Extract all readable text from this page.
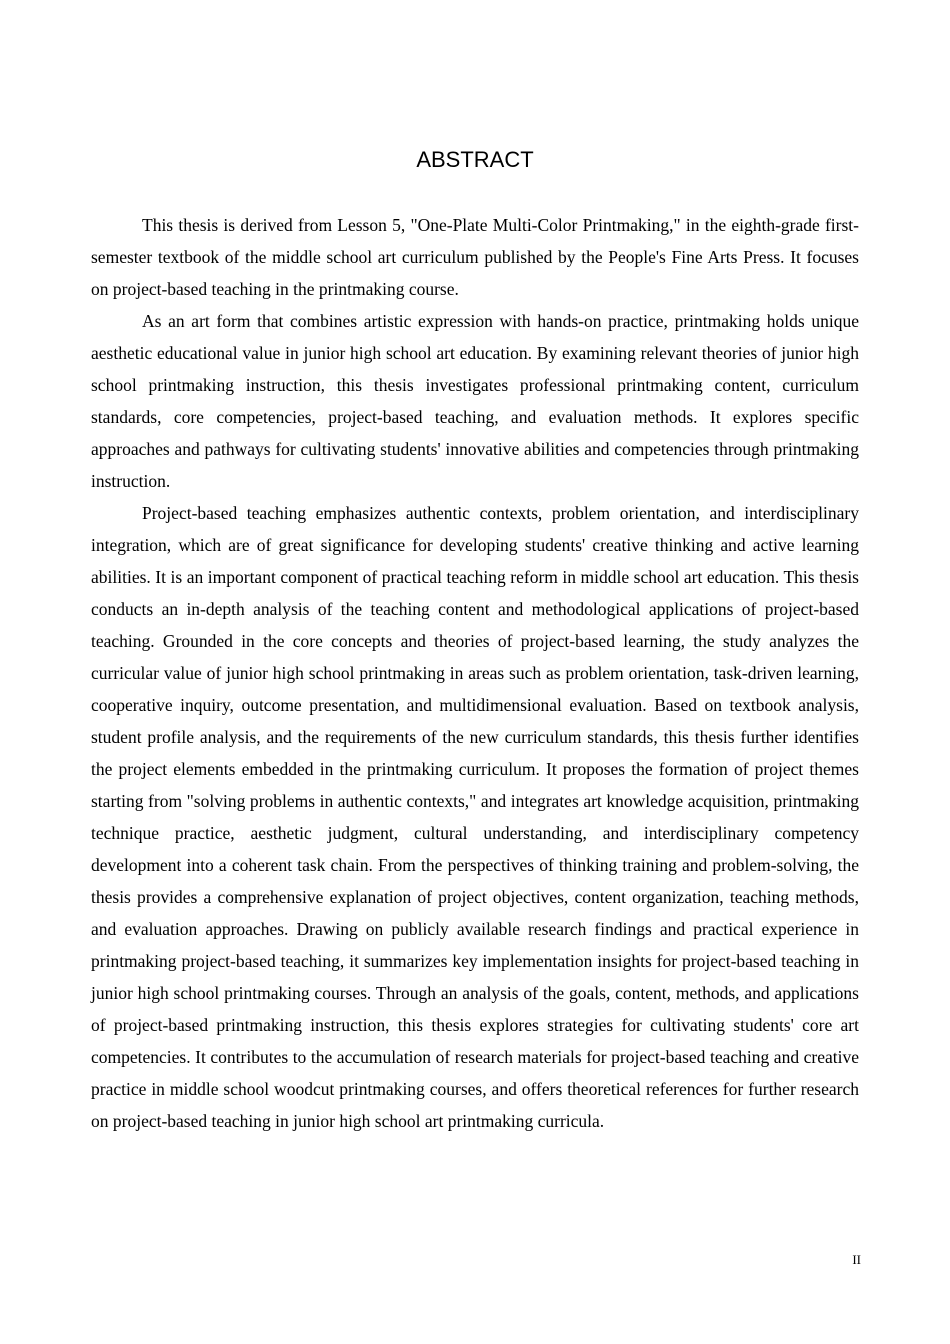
ABSTRACT

This thesis is derived from Lesson 5, "One-Plate Multi-Color Printmaking," in the eighth-grade first-semester textbook of the middle school art curriculum published by the People's Fine Arts Press. It focuses on project-based teaching in the printmaking course.

As an art form that combines artistic expression with hands-on practice, printmaking holds unique aesthetic educational value in junior high school art education. By examining relevant theories of junior high school printmaking instruction, this thesis investigates professional printmaking content, curriculum standards, core competencies, project-based teaching, and evaluation methods. It explores specific approaches and pathways for cultivating students' innovative abilities and competencies through printmaking instruction.

Project-based teaching emphasizes authentic contexts, problem orientation, and interdisciplinary integration, which are of great significance for developing students' creative thinking and active learning abilities. It is an important component of practical teaching reform in middle school art education. This thesis conducts an in-depth analysis of the teaching content and methodological applications of project-based teaching. Grounded in the core concepts and theories of project-based learning, the study analyzes the curricular value of junior high school printmaking in areas such as problem orientation, task-driven learning, cooperative inquiry, outcome presentation, and multidimensional evaluation. Based on textbook analysis, student profile analysis, and the requirements of the new curriculum standards, this thesis further identifies the project elements embedded in the printmaking curriculum. It proposes the formation of project themes starting from "solving problems in authentic contexts," and integrates art knowledge acquisition, printmaking technique practice, aesthetic judgment, cultural understanding, and interdisciplinary competency development into a coherent task chain. From the perspectives of thinking training and problem-solving, the thesis provides a comprehensive explanation of project objectives, content organization, teaching methods, and evaluation approaches. Drawing on publicly available research findings and practical experience in printmaking project-based teaching, it summarizes key implementation insights for project-based teaching in junior high school printmaking courses. Through an analysis of the goals, content, methods, and applications of project-based printmaking instruction, this thesis explores strategies for cultivating students' core art competencies. It contributes to the accumulation of research materials for project-based teaching and creative practice in middle school woodcut printmaking courses, and offers theoretical references for further research on project-based teaching in junior high school art printmaking curricula.

II
